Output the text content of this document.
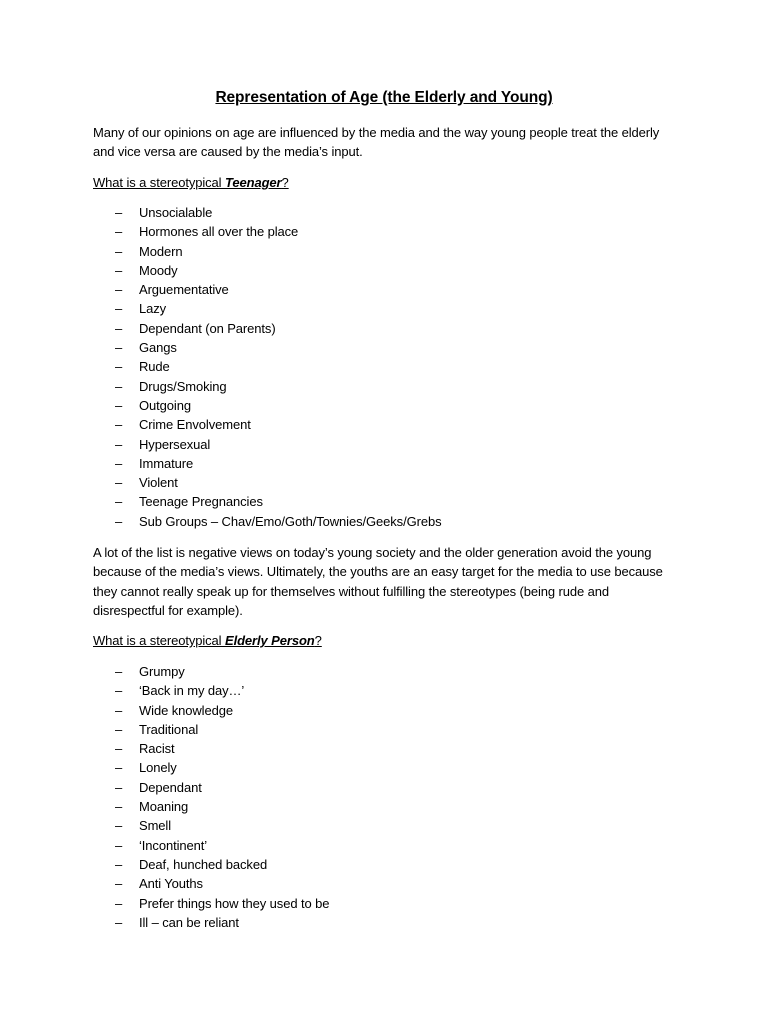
Representation of Age (the Elderly and Young)
Many of our opinions on age are influenced by the media and the way young people treat the elderly and vice versa are caused by the media’s input.
What is a stereotypical Teenager?
– Unsocialable
– Hormones all over the place
– Modern
– Moody
– Arguementative
– Lazy
– Dependant (on Parents)
– Gangs
– Rude
– Drugs/Smoking
– Outgoing
– Crime Envolvement
– Hypersexual
– Immature
– Violent
– Teenage Pregnancies
– Sub Groups – Chav/Emo/Goth/Townies/Geeks/Grebs
A lot of the list is negative views on today’s young society and the older generation avoid the young because of the media’s views. Ultimately, the youths are an easy target for the media to use because they cannot really speak up for themselves without fulfilling the stereotypes (being rude and disrespectful for example).
What is a stereotypical Elderly Person?
– Grumpy
– ‘Back in my day…’
– Wide knowledge
– Traditional
– Racist
– Lonely
– Dependant
– Moaning
– Smell
– ‘Incontinent’
– Deaf, hunched backed
– Anti Youths
– Prefer things how they used to be
– Ill – can be reliant
